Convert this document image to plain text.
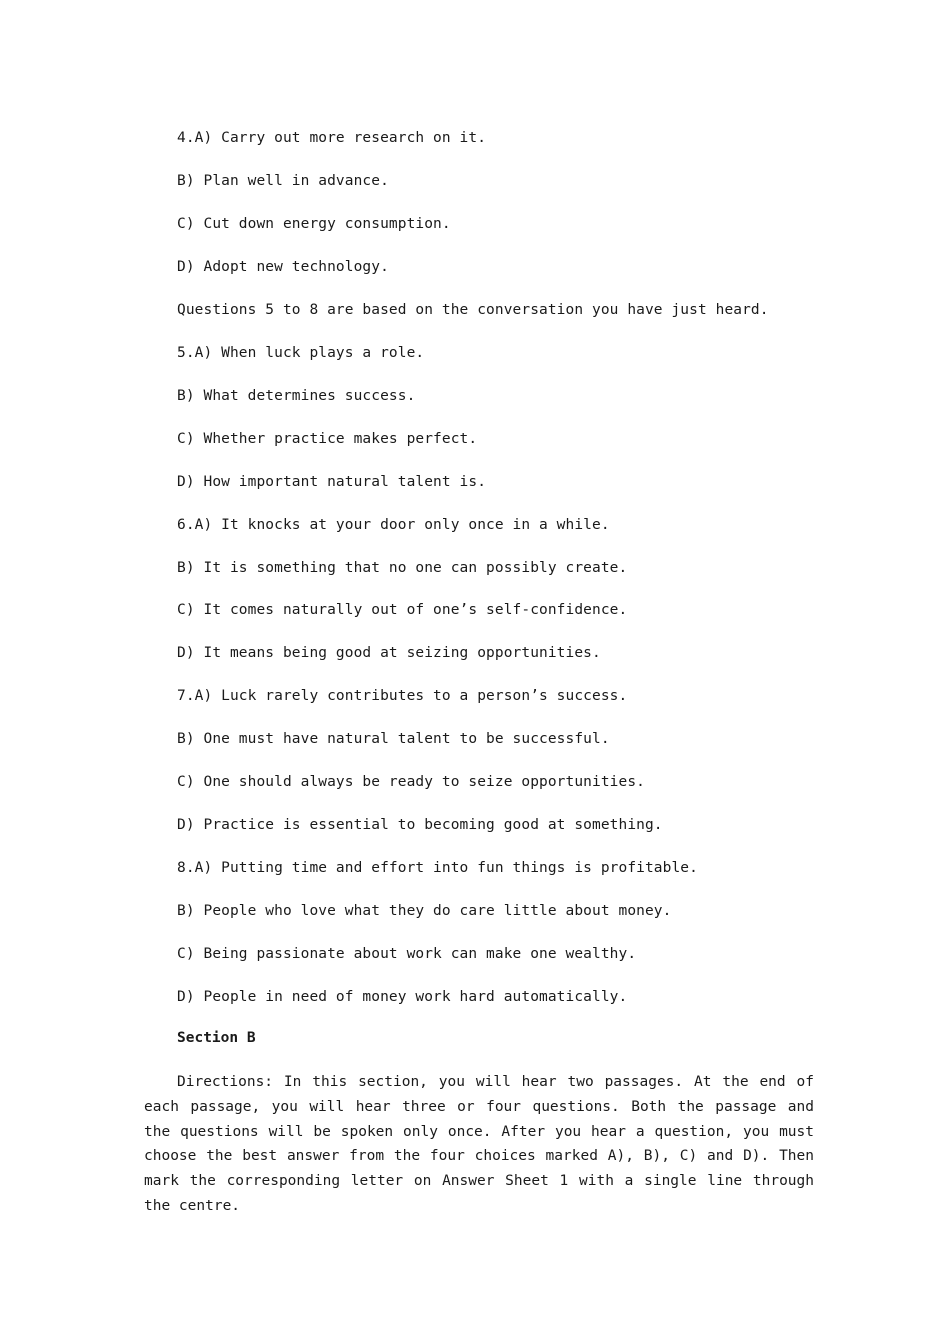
4.A) Carry out more research on it.
B) Plan well in advance.
C) Cut down energy consumption.
D) Adopt new technology.
Questions 5 to 8 are based on the conversation you have just heard.
5.A) When luck plays a role.
B) What determines success.
C) Whether practice makes perfect.
D) How important natural talent is.
6.A) It knocks at your door only once in a while.
B) It is something that no one can possibly create.
C) It comes naturally out of one’s self-confidence.
D) It means being good at seizing opportunities.
7.A) Luck rarely contributes to a person’s success.
B) One must have natural talent to be successful.
C) One should always be ready to seize opportunities.
D) Practice is essential to becoming good at something.
8.A) Putting time and effort into fun things is profitable.
B) People who love what they do care little about money.
C) Being passionate about work can make one wealthy.
D) People in need of money work hard automatically.
Section B

Directions: In this section, you will hear two passages. At the end of each passage, you will hear three or four questions. Both the passage and the questions will be spoken only once. After you hear a question, you must choose the best answer from the four choices marked A), B), C) and D). Then mark the corresponding letter on Answer Sheet 1 with a single line through the centre.
